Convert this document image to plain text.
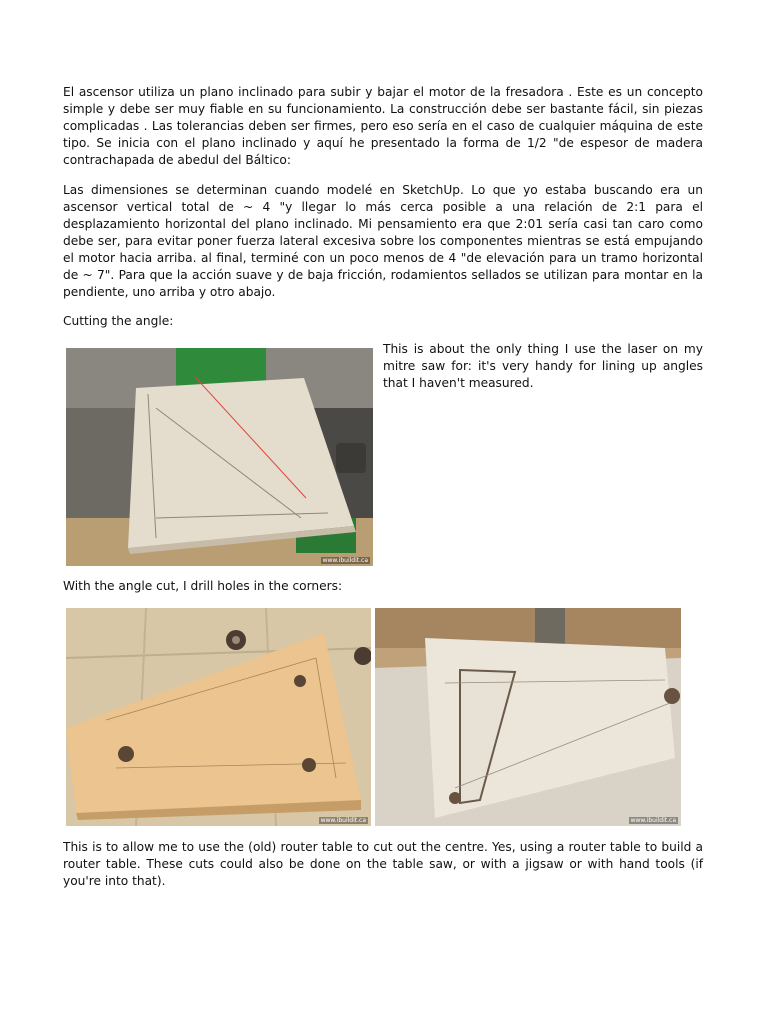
El ascensor utiliza un plano inclinado para subir y bajar el motor de la fresadora . Este es un concepto simple y debe ser muy fiable en su funcionamiento. La construcción debe ser bastante fácil, sin piezas complicadas . Las tolerancias deben ser firmes, pero eso sería en el caso de cualquier máquina de este tipo. Se inicia con el plano inclinado y aquí he presentado la forma de 1/2 "de espesor de madera contrachapada de abedul del Báltico:

Las dimensiones se determinan cuando modelé en SketchUp. Lo que yo estaba buscando era un ascensor vertical total de ~ 4 "y llegar lo más cerca posible a una relación de 2:1 para el desplazamiento horizontal del plano inclinado. Mi pensamiento era que 2:01 sería casi tan caro como debe ser, para evitar poner fuerza lateral excesiva sobre los componentes mientras se está empujando el motor hacia arriba. al final, terminé con un poco menos de 4 "de elevación para un tramo horizontal de ~ 7". Para que la acción suave y de baja fricción, rodamientos sellados se utilizan para montar en la pendiente, uno arriba y otro abajo.

Cutting the angle:

www.ibuildit.ca

This is about the only thing I use the laser on my mitre saw for: it's very handy for lining up angles that I haven't measured.

With the angle cut, I drill holes in the corners:

www.ibuildit.ca	www.ibuildit.ca

This is to allow me to use the (old) router table to cut out the centre. Yes, using a router table to build a router table. These cuts could also be done on the table saw, or with a jigsaw or with hand tools (if you're into that).
